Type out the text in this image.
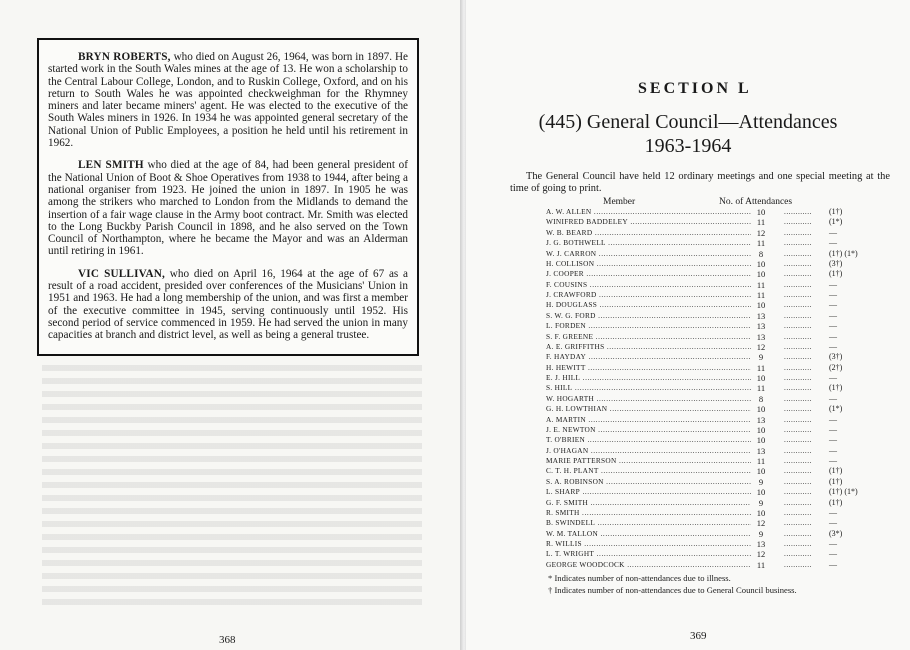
BRYN ROBERTS, who died on August 26, 1964, was born in 1897. He started work in the South Wales mines at the age of 13. He won a scholarship to the Central Labour College, London, and to Ruskin College, Oxford, and on his return to South Wales he was appointed checkweighman for the Rhymney miners and later became miners' agent. He was elected to the executive of the South Wales miners in 1926. In 1934 he was appointed general secretary of the National Union of Public Employees, a position he held until his retirement in 1962.

LEN SMITH who died at the age of 84, had been general president of the National Union of Boot & Shoe Operatives from 1938 to 1944, after being a national organiser from 1923. He joined the union in 1897. In 1905 he was among the strikers who marched to London from the Midlands to demand the insertion of a fair wage clause in the Army boot contract. Mr. Smith was elected to the Long Buckby Parish Council in 1898, and he also served on the Town Council of Northampton, where he became the Mayor and was an Alderman until retiring in 1961.

VIC SULLIVAN, who died on April 16, 1964 at the age of 67 as a result of a road accident, presided over conferences of the Musicians' Union in 1951 and 1963. He had a long membership of the union, and was first a member of the executive committee in 1945, serving continuously until 1952. His second period of service commenced in 1959. He had served the union in many capacities at branch and district level, as well as being a general trustee.

368
SECTION L
(445) General Council—Attendances
1963-1964
The General Council have held 12 ordinary meetings and one special meeting at the time of going to print.
Member	No. of Attendances
A. W. ALLEN .....	10 .....	(1†)
WINIFRED BADDELEY .....	11 .....	(1*)
W. B. BEARD .....	12 .....	—
J. G. BOTHWELL .....	11 .....	—
W. J. CARRON .....	8 .....	(1†) (1*)
H. COLLISON .....	10 .....	(3†)
J. COOPER .....	10 .....	(1†)
F. COUSINS .....	11 .....	—
J. CRAWFORD .....	11 .....	—
H. DOUGLASS .....	10 .....	—
S. W. G. FORD .....	13 .....	—
L. FORDEN .....	13 .....	—
S. F. GREENE .....	13 .....	—
A. E. GRIFFITHS .....	12 .....	—
F. HAYDAY .....	9 .....	(3†)
H. HEWITT .....	11 .....	(2†)
E. J. HILL .....	10 .....	—
S. HILL .....	11 .....	(1†)
W. HOGARTH .....	8 .....	—
G. H. LOWTHIAN .....	10 .....	(1*)
A. MARTIN .....	13 .....	—
J. E. NEWTON .....	10 .....	—
T. O'BRIEN .....	10 .....	—
J. O'HAGAN .....	13 .....	—
MARIE PATTERSON .....	11 .....	—
C. T. H. PLANT .....	10 .....	(1†)
S. A. ROBINSON .....	9 .....	(1†)
L. SHARP .....	10 .....	(1†) (1*)
G. F. SMITH .....	9 .....	(1†)
R. SMITH .....	10 .....	—
B. SWINDELL .....	12 .....	—
W. M. TALLON .....	9 .....	(3*)
R. WILLIS .....	13 .....	—
L. T. WRIGHT .....	12 .....	—
GEORGE WOODCOCK .....	11 .....	—
* Indicates number of non-attendances due to illness.
† Indicates number of non-attendances due to General Council business.
369
